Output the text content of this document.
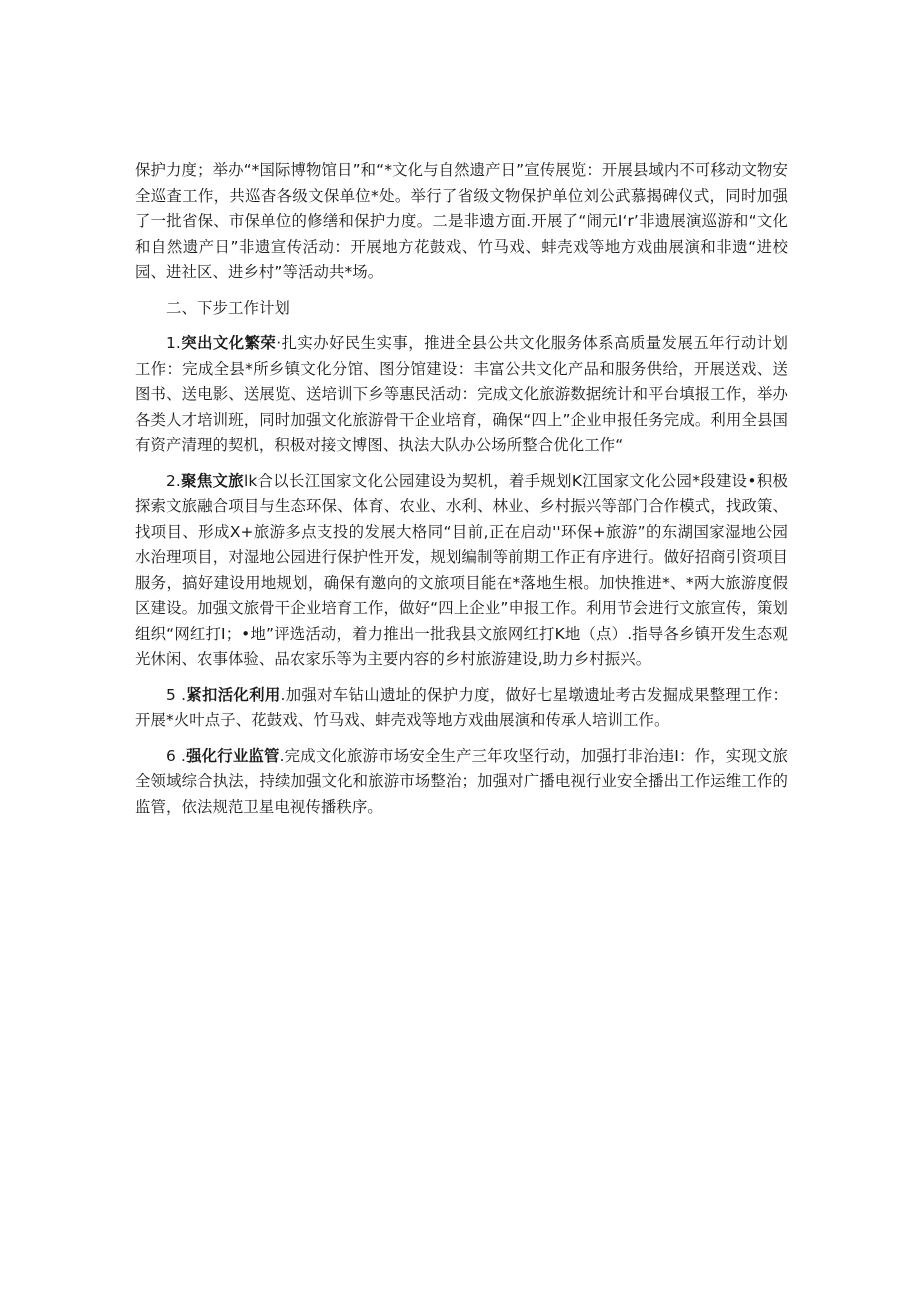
保护力度；举办“*国际博物馆日”和“*文化与自然遗产日”宣传展览：开展县域内不可移动文物安全巡査工作，共巡杳各级文保单位*处。举行了省级文物保护单位刘公武慕揭碑仪式，同时加强了一批省保、市保单位的修缮和保护力度。二是非遗方面.开展了“闹元I‘r’非遗展演巡游和“文化和自然遗产日”非遗宣传活动：开展地方花鼓戏、竹马戏、蚌壳戏等地方戏曲展演和非遗“进校园、进社区、进乡村”等活动共*场。

二、下步工作计划

1.突出文化繁荣·扎实办好民生实事，推进全县公共文化服务体系高质量发展五年行动计划工作：完成全县*所乡镇文化分馆、图分馆建设：丰富公共文化产品和服务供给，开展送戏、送图书、送电影、送展览、送培训下乡等惠民活动：完成文化旅游数据统计和平台填报工作，举办各类人才培训班，同时加强文化旅游骨干企业培育，确保“四上”企业申报任务完成。利用全县国有资产清理的契机，积极对接文博图、执法大队办公场所整合优化工作“

2.聚焦文旅lk合以长江国家文化公园建设为契机，着手规划K江国家文化公园*段建设•积极探索文旅融合项目与生态环保、体育、农业、水利、林业、乡村振兴等部门合作模式，找政策、找项目、形成X+旅游多点支投的发展大格同“目前,正在启动''环保+旅游”的东湖国家湿地公园水治理项目，对湿地公园进行保护性开发，规划编制等前期工作正有序进行。做好招商引资项目服务，搞好建设用地规划，确保有邀向的文旅项目能在*落地生根。加快推进*、*两大旅游度假区建设。加强文旅骨干企业培育工作，做好“四上企业”申报工作。利用节会进行文旅宣传，策划组织“网红打I；•地”评选活动，着力推出一批我县文旅网红打K地（点）.指导各乡镇开发生态观光休闲、农事体验、品农家乐等为主要内容的乡村旅游建设,助力乡村振兴。

5 .紧扣活化利用.加强对车钻山遗址的保护力度，做好七星墩遗址考古发掘成果整理工作：开展*火叶点子、花鼓戏、竹马戏、蚌壳戏等地方戏曲展演和传承人培训工作。

6 .强化行业监管.完成文化旅游市场安全生产三年攻坚行动，加强打非治违I：作，实现文旅全领域综合执法，持续加强文化和旅游市场整治；加强对广播电视行业安全播出工作运维工作的监管，依法规范卫星电视传播秩序。
